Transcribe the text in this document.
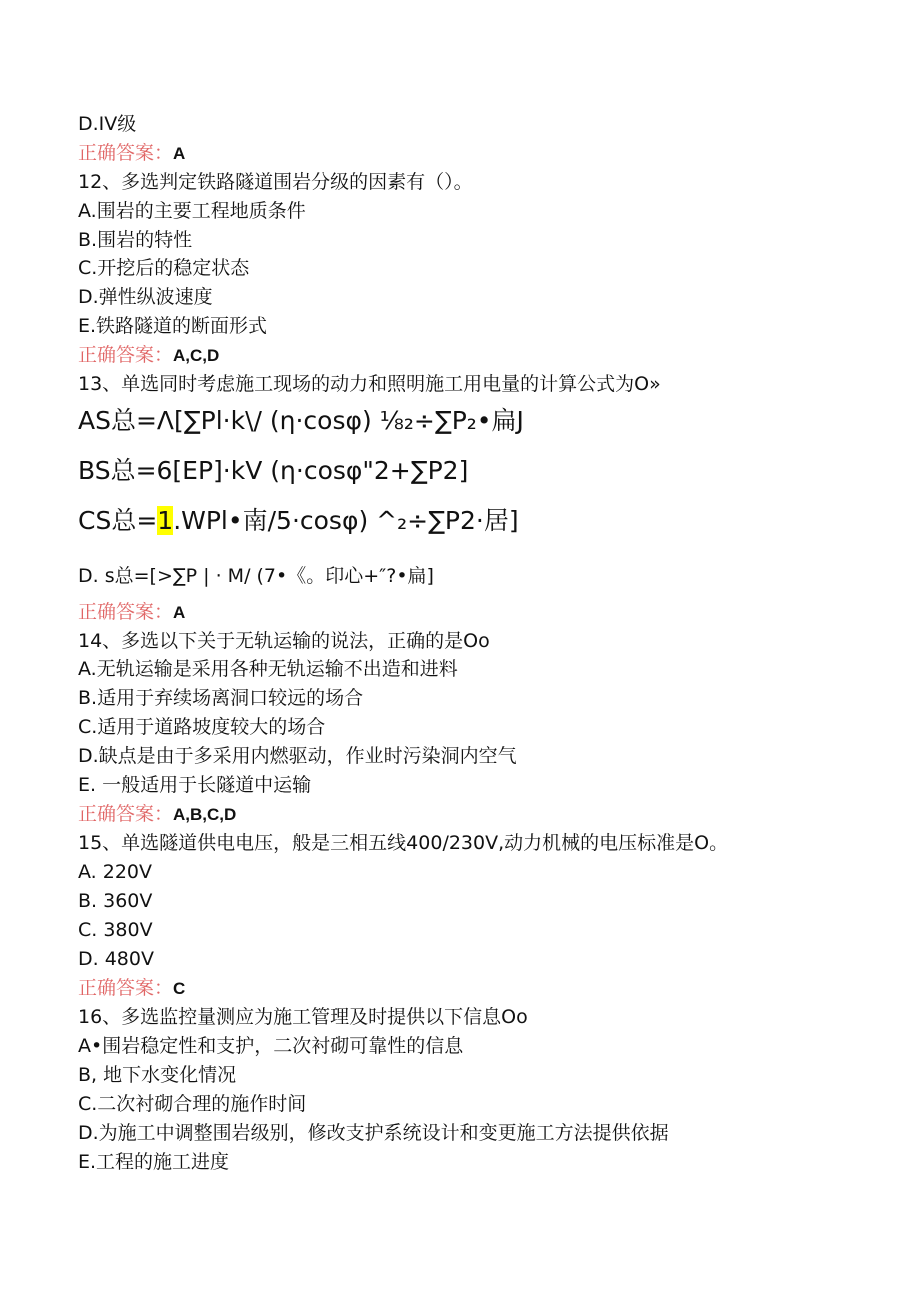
D.IV级
正确答案：A
12、多选判定铁路隧道围岩分级的因素有（）。
A.围岩的主要工程地质条件
B.围岩的特性
C.开挖后的稳定状态
D.弹性纵波速度
E.铁路隧道的断面形式
正确答案：A,C,D
13、单选同时考虑施工现场的动力和照明施工用电量的计算公式为O»
AS总=Λ[∑Pl·k\/ (η·cosφ) ⅛₂÷∑P₂•扁J
BS总=6[EP]·kV (η·cosφ"2+∑P2]
CS总=1.WPl•南/5·cosφ) ^₂÷∑P2·居]
D. s总=[>∑P | · M/ (7•《。印心+″?•扁]
正确答案：A
14、多选以下关于无轨运输的说法，正确的是Oo
A.无轨运输是采用各种无轨运输不出造和进料
B.适用于弃续场离洞口较远的场合
C.适用于道路坡度较大的场合
D.缺点是由于多采用内燃驱动，作业时污染洞内空气
E. 一般适用于长隧道中运输
正确答案：A,B,C,D
15、单选隧道供电电压，般是三相五线400/230V,动力机械的电压标准是O。
A. 220V
B. 360V
C. 380V
D. 480V
正确答案：C
16、多选监控量测应为施工管理及时提供以下信息Oo
A•围岩稳定性和支护，二次衬砌可靠性的信息
B, 地下水变化情况
C.二次衬砌合理的施作时间
D.为施工中调整围岩级别，修改支护系统设计和变更施工方法提供依据
E.工程的施工进度
